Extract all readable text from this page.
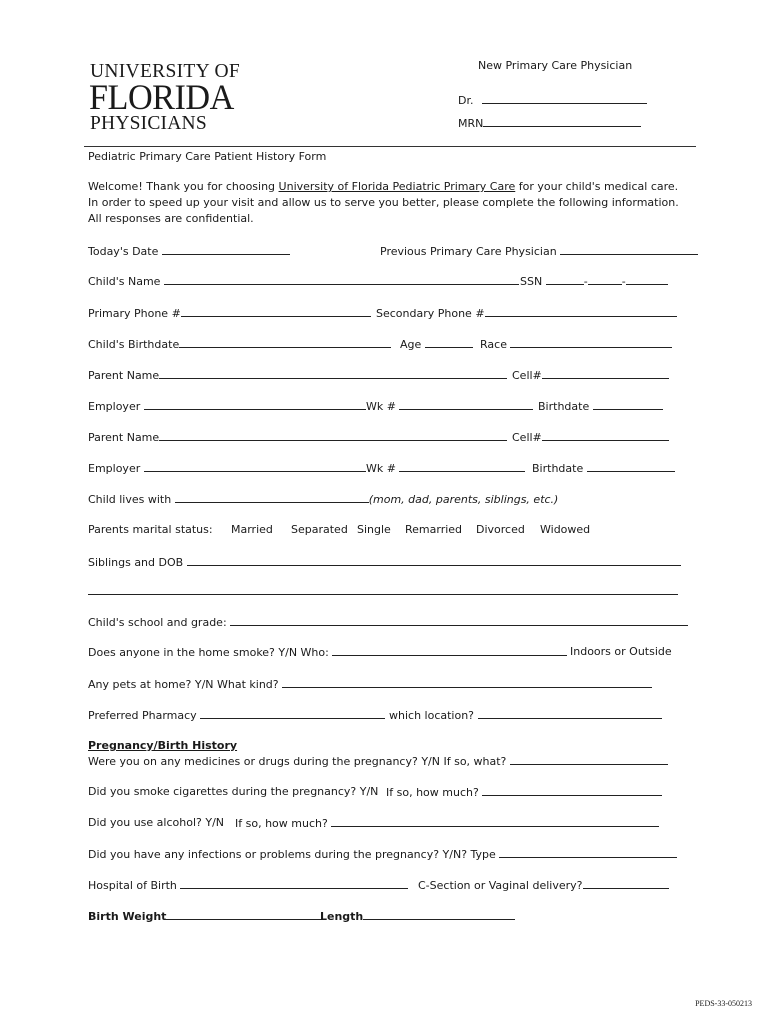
UNIVERSITY OF
FLORIDA
PHYSICIANS
New Primary Care Physician
Dr.
MRN
Pediatric Primary Care Patient History Form
Welcome! Thank you for choosing University of Florida Pediatric Primary Care for your child's medical care. In order to speed up your visit and allow us to serve you better, please complete the following information.
All responses are confidential.
Today's Date	Previous Primary Care Physician
Child's Name	SSN	-	-
Primary Phone #	Secondary Phone #
Child's Birthdate	Age	Race
Parent Name	Cell#
Employer	Wk #	Birthdate
Parent Name	Cell#
Employer	Wk #	Birthdate
Child lives with	(mom, dad, parents, siblings, etc.)
Parents marital status: Married Separated Single Remarried Divorced Widowed
Siblings and DOB
Child's school and grade:
Does anyone in the home smoke? Y/N Who:	Indoors or Outside
Any pets at home? Y/N What kind?
Preferred Pharmacy	which location?
Pregnancy/Birth History
Were you on any medicines or drugs during the pregnancy? Y/N If so, what?
Did you smoke cigarettes during the pregnancy? Y/N If so, how much?
Did you use alcohol? Y/N If so, how much?
Did you have any infections or problems during the pregnancy? Y/N? Type
Hospital of Birth	C-Section or Vaginal delivery?
Birth Weight	Length
PEDS-33-050213
